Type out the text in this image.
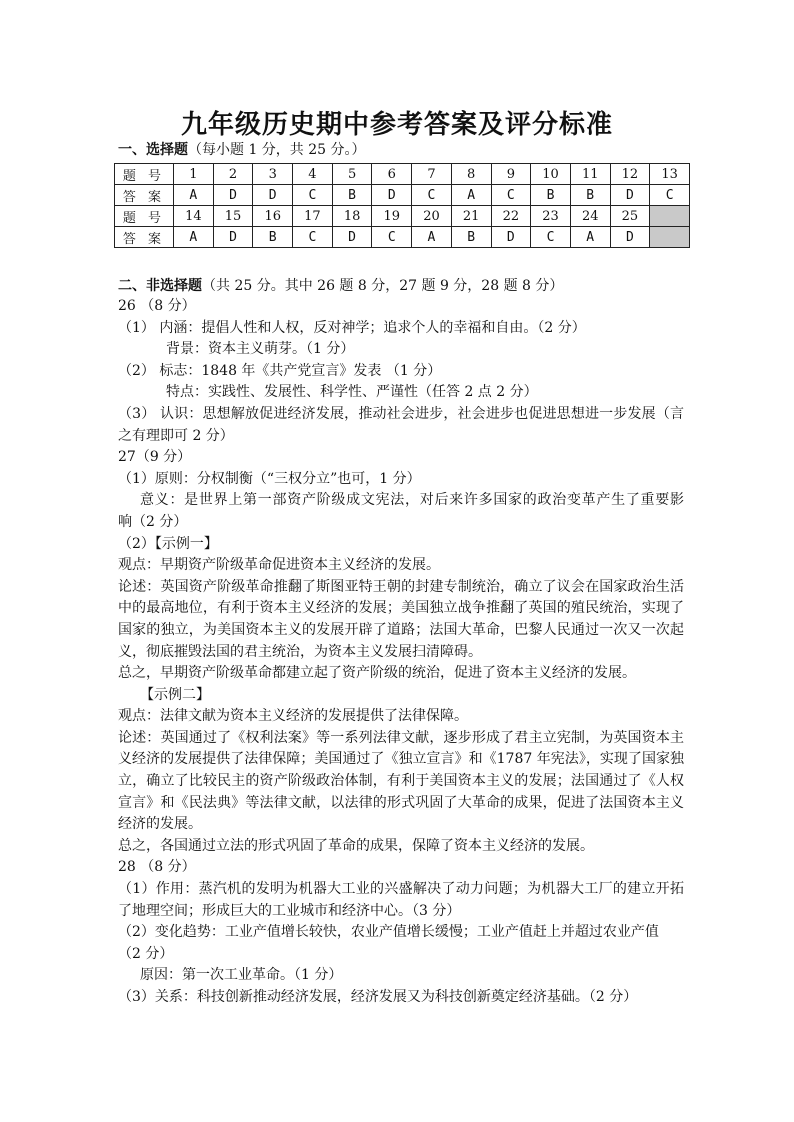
九年级历史期中参考答案及评分标准
一、选择题（每小题 1 分，共 25 分。）
题 号	1	2	3	4	5	6	7	8	9	10	11	12	13
答 案	A	D	D	C	B	D	C	A	C	B	B	D	C
题 号	14	15	16	17	18	19	20	21	22	23	24	25	
答 案	A	D	B	C	D	C	A	B	D	C	A	D	
二、非选择题（共 25 分。其中 26 题 8 分，27 题 9 分，28 题 8 分）
26 （8 分）
（1） 内涵：提倡人性和人权，反对神学；追求个人的幸福和自由。（2 分）
背景：资本主义萌芽。（1 分）
（2） 标志：1848 年《共产党宣言》发表 （1 分）
特点：实践性、发展性、科学性、严谨性（任答 2 点 2 分）
（3） 认识：思想解放促进经济发展，推动社会进步，社会进步也促进思想进一步发展（言
之有理即可 2 分）
27（9 分）
（1）原则：分权制衡（“三权分立”也可，1 分）
意义：是世界上第一部资产阶级成文宪法，对后来许多国家的政治变革产生了重要影
响（2 分）
（2）【示例一】
观点：早期资产阶级革命促进资本主义经济的发展。
论述：英国资产阶级革命推翻了斯图亚特王朝的封建专制统治，确立了议会在国家政治生活
中的最高地位，有利于资本主义经济的发展；美国独立战争推翻了英国的殖民统治，实现了
国家的独立，为美国资本主义的发展开辟了道路；法国大革命，巴黎人民通过一次又一次起
义，彻底摧毁法国的君主统治，为资本主义发展扫清障碍。
总之，早期资产阶级革命都建立起了资产阶级的统治，促进了资本主义经济的发展。
【示例二】
观点：法律文献为资本主义经济的发展提供了法律保障。
论述：英国通过了《权利法案》等一系列法律文献，逐步形成了君主立宪制，为英国资本主
义经济的发展提供了法律保障；美国通过了《独立宣言》和《1787 年宪法》，实现了国家独
立，确立了比较民主的资产阶级政治体制，有利于美国资本主义的发展；法国通过了《人权
宣言》和《民法典》等法律文献，以法律的形式巩固了大革命的成果，促进了法国资本主义
经济的发展。
总之，各国通过立法的形式巩固了革命的成果，保障了资本主义经济的发展。
28 （8 分）
（1）作用：蒸汽机的发明为机器大工业的兴盛解决了动力问题；为机器大工厂的建立开拓
了地理空间；形成巨大的工业城市和经济中心。（3 分）
（2）变化趋势：工业产值增长较快，农业产值增长缓慢；工业产值赶上并超过农业产值
（2 分）
原因：第一次工业革命。（1 分）
（3）关系：科技创新推动经济发展，经济发展又为科技创新奠定经济基础。（2 分）
